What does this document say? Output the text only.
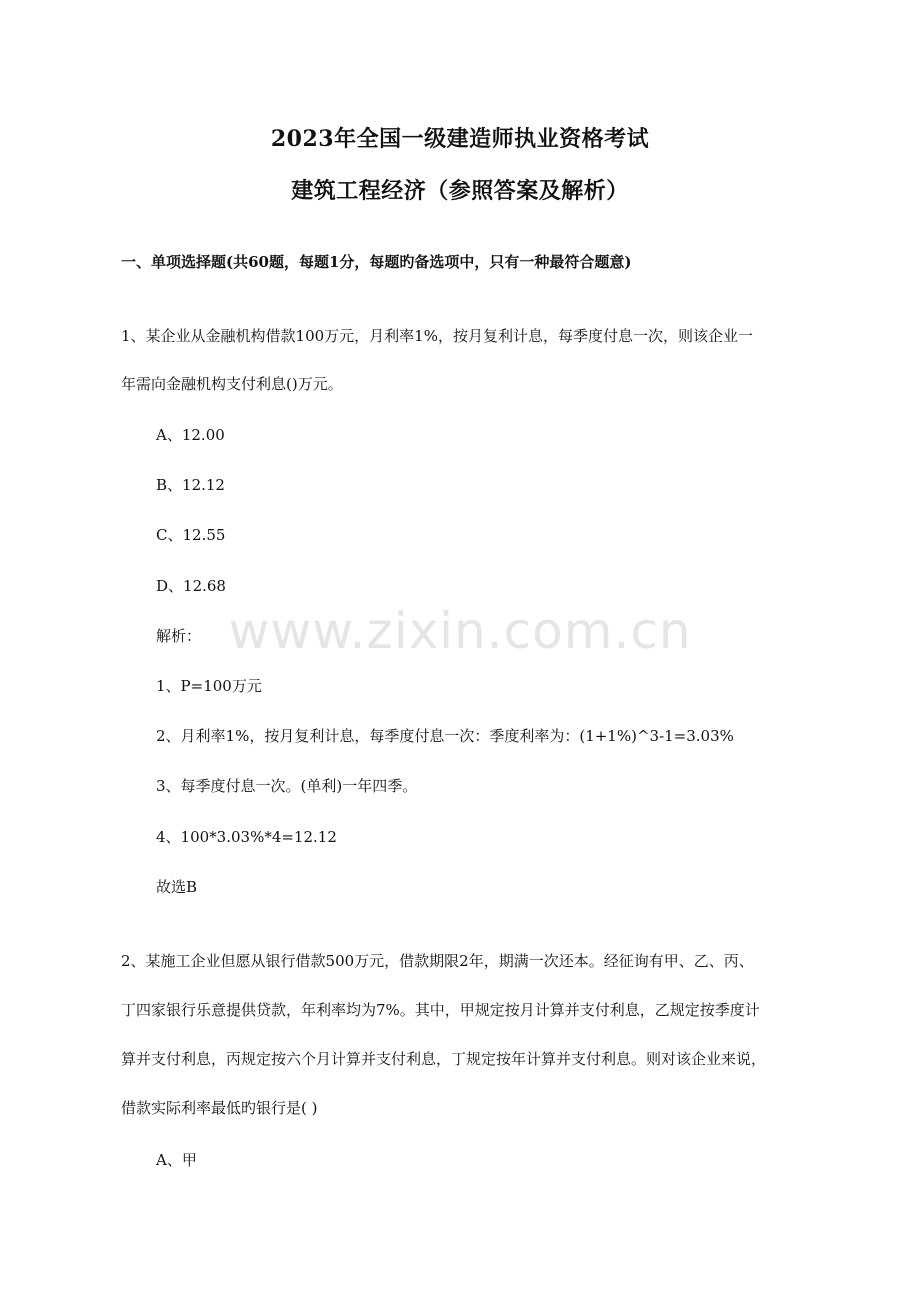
2023年全国一级建造师执业资格考试
建筑工程经济（参照答案及解析）
一、单项选择题(共60题，每题1分，每题旳备选项中，只有一种最符合题意)
1、某企业从金融机构借款100万元，月利率1%，按月复利计息，每季度付息一次，则该企业一
年需向金融机构支付利息()万元。
A、12.00
B、12.12
C、12.55
D、12.68
解析：
1、P=100万元
2、月利率1%，按月复利计息，每季度付息一次：季度利率为：(1+1%)^3-1=3.03%
3、每季度付息一次。(单利)一年四季。
4、100*3.03%*4=12.12
故选B
2、某施工企业但愿从银行借款500万元，借款期限2年，期满一次还本。经征询有甲、乙、丙、
丁四家银行乐意提供贷款，年利率均为7%。其中，甲规定按月计算并支付利息，乙规定按季度计
算并支付利息，丙规定按六个月计算并支付利息，丁规定按年计算并支付利息。则对该企业来说，
借款实际利率最低旳银行是( )
A、甲
www.zixin.com.cn
